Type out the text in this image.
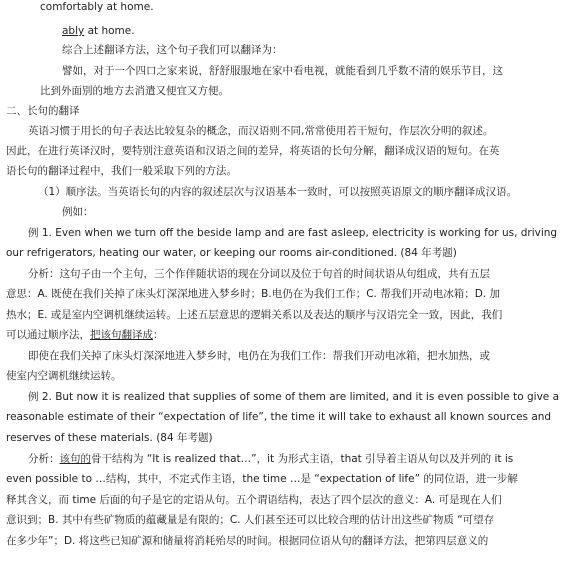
comfortably at home.
ably at home.
综合上述翻译方法，这个句子我们可以翻译为：
譬如，对于一个四口之家来说，舒舒服服地在家中看电视，就能看到几乎数不清的娱乐节目，这
比到外面别的地方去消遣又便宜又方便。
二、长句的翻译
英语习惯于用长的句子表达比较复杂的概念，而汉语则不同,常常使用若干短句，作层次分明的叙述。
因此，在进行英译汉时，要特别注意英语和汉语之间的差异，将英语的长句分解，翻译成汉语的短句。在英
语长句的翻译过程中，我们一般采取下列的方法。
（1）顺序法。当英语长句的内容的叙述层次与汉语基本一致时，可以按照英语原文的顺序翻译成汉语。
例如：
例 1. Even when we turn off the beside lamp and are fast asleep, electricity is working for us, driving
our refrigerators, heating our water, or keeping our rooms air-conditioned. (84 年考题)
分析：这句子由一个主句，三个作伴随状语的现在分词以及位于句首的时间状语从句组成，共有五层
意思：A. 既使在我们关掉了床头灯深深地进入梦乡时；B.电仍在为我们工作；C. 帮我们开动电冰箱；D. 加
热水；E. 或是室内空调机继续运转。上述五层意思的逻辑关系以及表达的顺序与汉语完全一致，因此，我们
可以通过顺序法，把该句翻译成：
即使在我们关掉了床头灯深深地进入梦乡时，电仍在为我们工作：帮我们开动电冰箱，把水加热，或
使室内空调机继续运转。
例 2. But now it is realized that supplies of some of them are limited, and it is even possible to give a
reasonable estimate of their “expectation of life”, the time it will take to exhaust all known sources and
reserves of these materials. (84 年考题)
分析：该句的骨干结构为 “It is realized that…”，it 为形式主语，that 引导着主语从句以及并列的 it is
even possible to …结构，其中，不定式作主语，the time …是 “expectation of life” 的同位语，进一步解
释其含义，而 time 后面的句子是它的定语从句。五个谓语结构，表达了四个层次的意义：A. 可是现在人们
意识到；B. 其中有些矿物质的蕴藏量是有限的；C. 人们甚至还可以比较合理的估计出这些矿物质 “可望存
在多少年”；D. 将这些已知矿源和储量将消耗殆尽的时间。根据同位语从句的翻译方法，把第四层意义的
